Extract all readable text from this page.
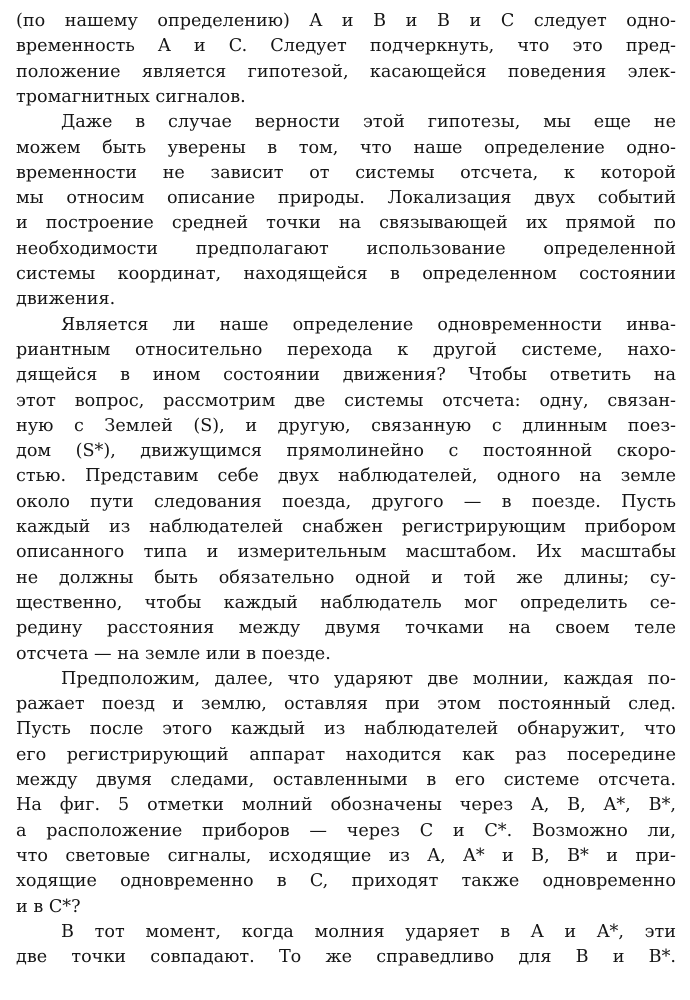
(по нашему определению) A и B и B и C следует одно-
временность A и C. Следует подчеркнуть, что это пред-
положение является гипотезой, касающейся поведения элек-
тромагнитных сигналов.
Даже в случае верности этой гипотезы, мы еще не
можем быть уверены в том, что наше определение одно-
временности не зависит от системы отсчета, к которой
мы относим описание природы. Локализация двух событий
и построение средней точки на связывающей их прямой по
необходимости предполагают использование определенной
системы координат, находящейся в определенном состоянии
движения.
Является ли наше определение одновременности инва-
риантным относительно перехода к другой системе, нахо-
дящейся в ином состоянии движения? Чтобы ответить на
этот вопрос, рассмотрим две системы отсчета: одну, связан-
ную с Землей (S), и другую, связанную с длинным поез-
дом (S*), движущимся прямолинейно с постоянной скоро-
стью. Представим себе двух наблюдателей, одного на земле
около пути следования поезда, другого — в поезде. Пусть
каждый из наблюдателей снабжен регистрирующим прибором
описанного типа и измерительным масштабом. Их масштабы
не должны быть обязательно одной и той же длины; су-
щественно, чтобы каждый наблюдатель мог определить се-
редину расстояния между двумя точками на своем теле
отсчета — на земле или в поезде.
Предположим, далее, что ударяют две молнии, каждая по-
ражает поезд и землю, оставляя при этом постоянный след.
Пусть после этого каждый из наблюдателей обнаружит, что
его регистрирующий аппарат находится как раз посередине
между двумя следами, оставленными в его системе отсчета.
На фиг. 5 отметки молний обозначены через A, B, A*, B*,
а расположение приборов — через C и C*. Возможно ли,
что световые сигналы, исходящие из A, A* и B, B* и при-
ходящие одновременно в C, приходят также одновременно
и в C*?
В тот момент, когда молния ударяет в A и A*, эти
две точки совпадают. То же справедливо для B и B*.
